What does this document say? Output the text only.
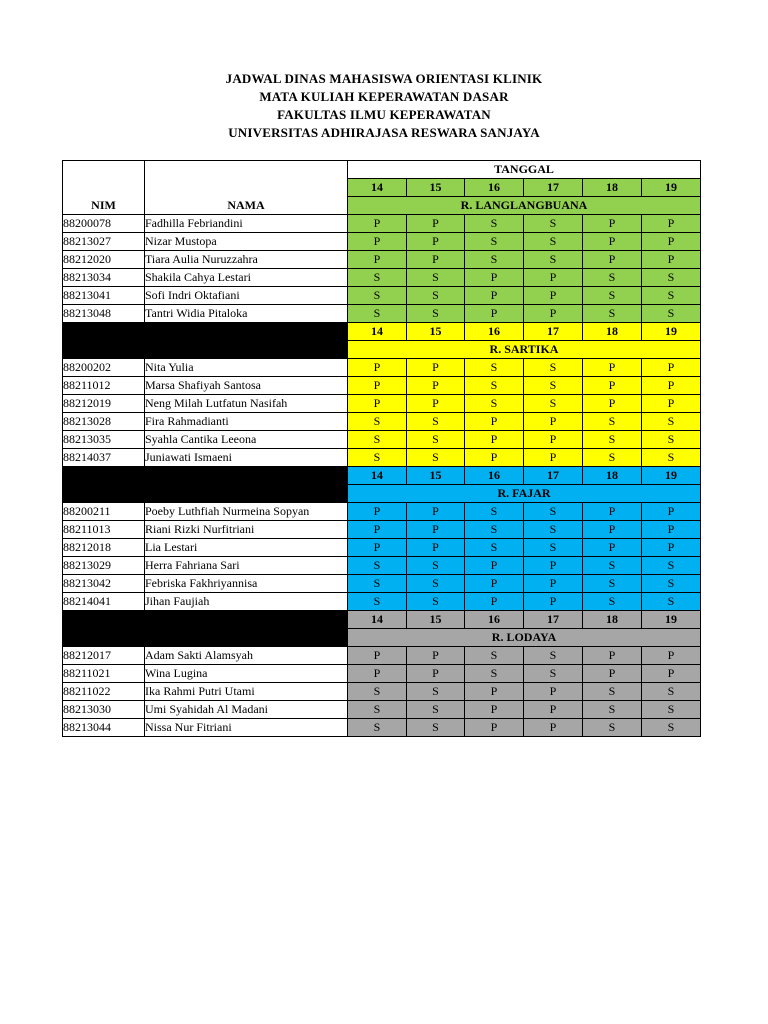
JADWAL DINAS MAHASISWA ORIENTASI KLINIK
MATA KULIAH KEPERAWATAN DASAR
FAKULTAS ILMU KEPERAWATAN
UNIVERSITAS ADHIRAJASA RESWARA SANJAYA
NIM	NAMA	TANGGAL					
		14	15	16	17	18	19
		R. LANGLANGBUANA					
88200078	Fadhilla Febriandini	P	P	S	S	P	P
88213027	Nizar Mustopa	P	P	S	S	P	P
88212020	Tiara Aulia Nuruzzahra	P	P	S	S	P	P
88213034	Shakila Cahya Lestari	S	S	P	P	S	S
88213041	Sofi Indri Oktafiani	S	S	P	P	S	S
88213048	Tantri Widia Pitaloka	S	S	P	P	S	S
		14	15	16	17	18	19
		R. SARTIKA					
88200202	Nita Yulia	P	P	S	S	P	P
88211012	Marsa Shafiyah Santosa	P	P	S	S	P	P
88212019	Neng Milah Lutfatun Nasifah	P	P	S	S	P	P
88213028	Fira Rahmadianti	S	S	P	P	S	S
88213035	Syahla Cantika Leeona	S	S	P	P	S	S
88214037	Juniawati Ismaeni	S	S	P	P	S	S
		14	15	16	17	18	19
		R. FAJAR					
88200211	Poeby Luthfiah Nurmeina Sopyan	P	P	S	S	P	P
88211013	Riani Rizki Nurfitriani	P	P	S	S	P	P
88212018	Lia Lestari	P	P	S	S	P	P
88213029	Herra Fahriana Sari	S	S	P	P	S	S
88213042	Febriska Fakhriyannisa	S	S	P	P	S	S
88214041	Jihan Faujiah	S	S	P	P	S	S
		14	15	16	17	18	19
		R. LODAYA					
88212017	Adam Sakti Alamsyah	P	P	S	S	P	P
88211021	Wina Lugina	P	P	S	S	P	P
88211022	Ika Rahmi Putri Utami	S	S	P	P	S	S
88213030	Umi Syahidah Al Madani	S	S	P	P	S	S
88213044	Nissa Nur Fitriani	S	S	P	P	S	S
